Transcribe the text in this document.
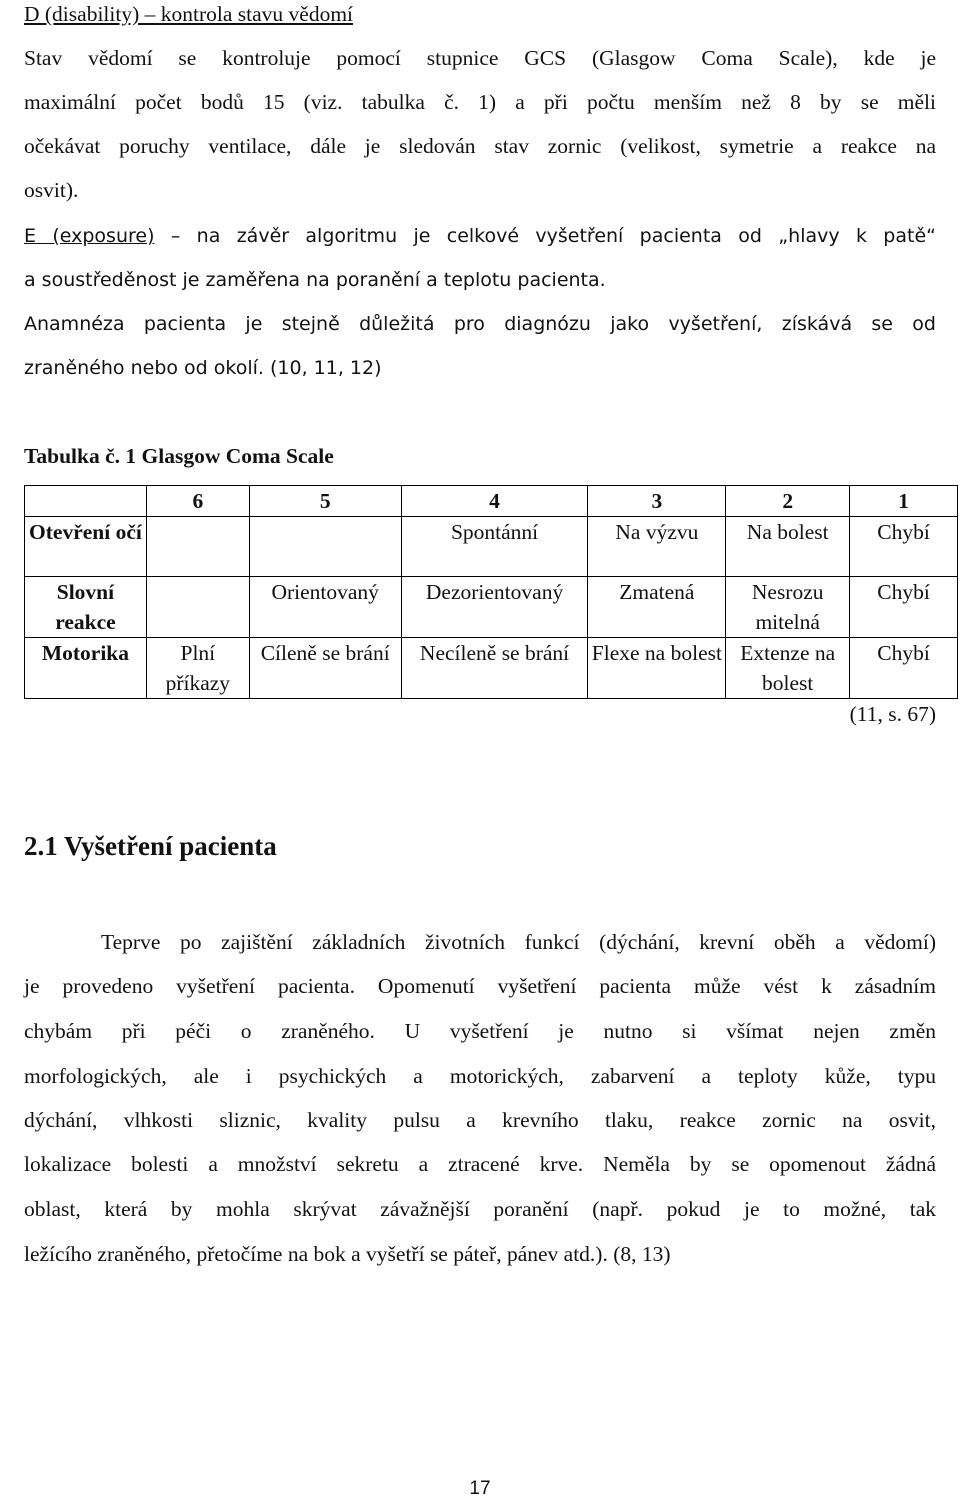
D (disability) – kontrola stavu vědomí
Stav vědomí se kontroluje pomocí stupnice GCS (Glasgow Coma Scale), kde je
maximální počet bodů 15 (viz. tabulka č. 1) a při počtu menším než 8 by se měli
očekávat poruchy ventilace, dále je sledován stav zornic (velikost, symetrie a reakce na
osvit).
E (exposure) – na závěr algoritmu je celkové vyšetření pacienta od „hlavy k patě“
a soustředěnost je zaměřena na poranění a teplotu pacienta.
Anamnéza pacienta je stejně důležitá pro diagnózu jako vyšetření, získává se od
zraněného nebo od okolí. (10, 11, 12)
Tabulka č. 1 Glasgow Coma Scale
	6	5	4	3	2	1
Otevření očí			Spontánní	Na výzvu	Na bolest	Chybí
Slovní reakce		Orientovaný	Dezorientovaný	Zmatená	Nesrozu mitelná	Chybí
Motorika	Plní příkazy	Cíleně se brání	Necíleně se brání	Flexe na bolest	Extenze na bolest	Chybí
(11, s. 67)
2.1 Vyšetření pacienta
Teprve po zajištění základních životních funkcí (dýchání, krevní oběh a vědomí)
je provedeno vyšetření pacienta. Opomenutí vyšetření pacienta může vést k zásadním
chybám při péči o zraněného. U vyšetření je nutno si všímat nejen změn
morfologických, ale i psychických a motorických, zabarvení a teploty kůže, typu
dýchání, vlhkosti sliznic, kvality pulsu a krevního tlaku, reakce zornic na osvit,
lokalizace bolesti a množství sekretu a ztracené krve. Neměla by se opomenout žádná
oblast, která by mohla skrývat závažnější poranění (např. pokud je to možné, tak
ležícího zraněného, přetočíme na bok a vyšetří se páteř, pánev atd.). (8, 13)
17
